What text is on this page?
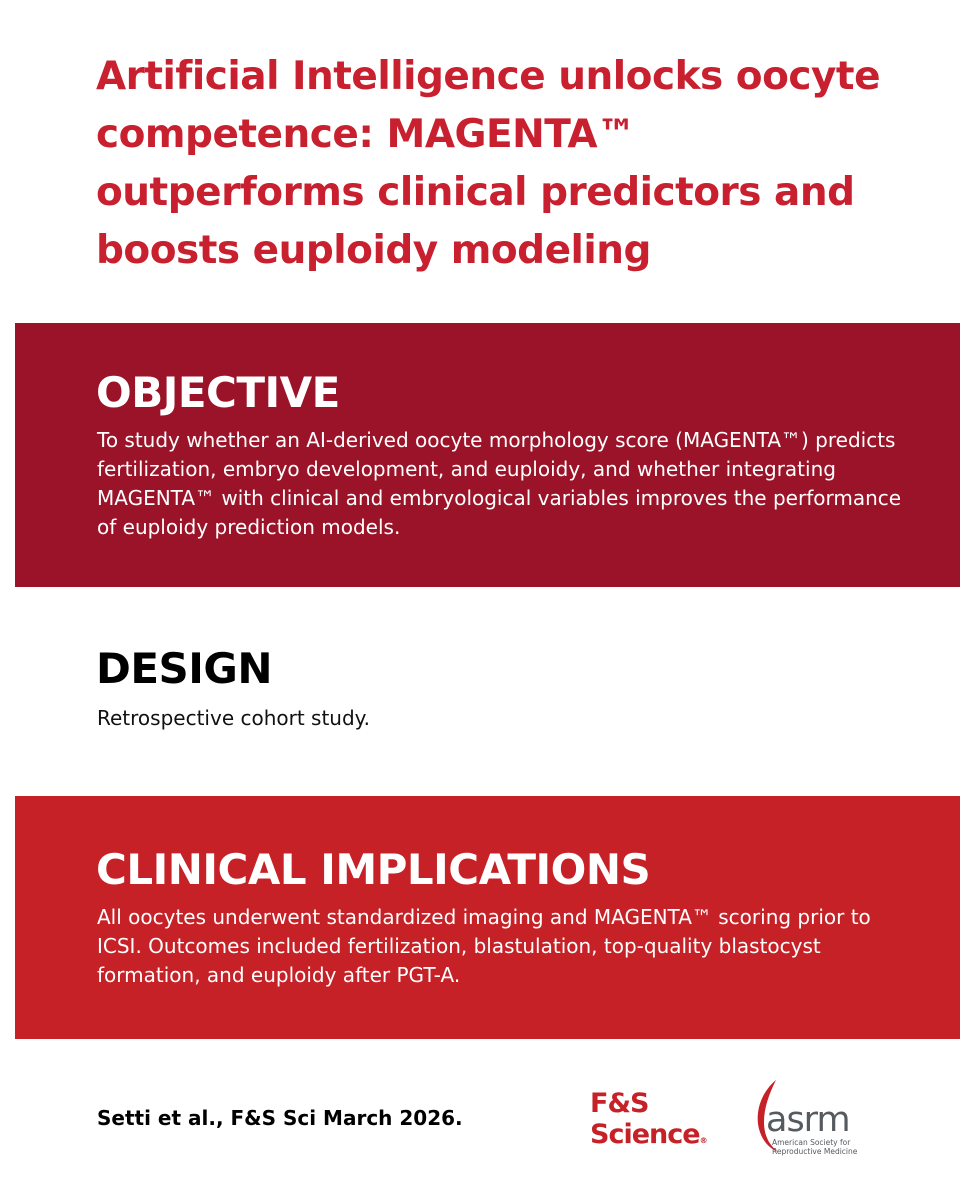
Artificial Intelligence unlocks oocyte competence: MAGENTA™ outperforms clinical predictors and boosts euploidy modeling
OBJECTIVE

To study whether an AI-derived oocyte morphology score (MAGENTA™) predicts fertilization, embryo development, and euploidy, and whether integrating MAGENTA™ with clinical and embryological variables improves the performance of euploidy prediction models.

DESIGN

Retrospective cohort study.

CLINICAL IMPLICATIONS

All oocytes underwent standardized imaging and MAGENTA™ scoring prior to ICSI. Outcomes included fertilization, blastulation, top-quality blastocyst formation, and euploidy after PGT-A.

Setti et al., F&S Sci March 2026.	F&S
Science®
asrm
American Society for
Reproductive Medicine
